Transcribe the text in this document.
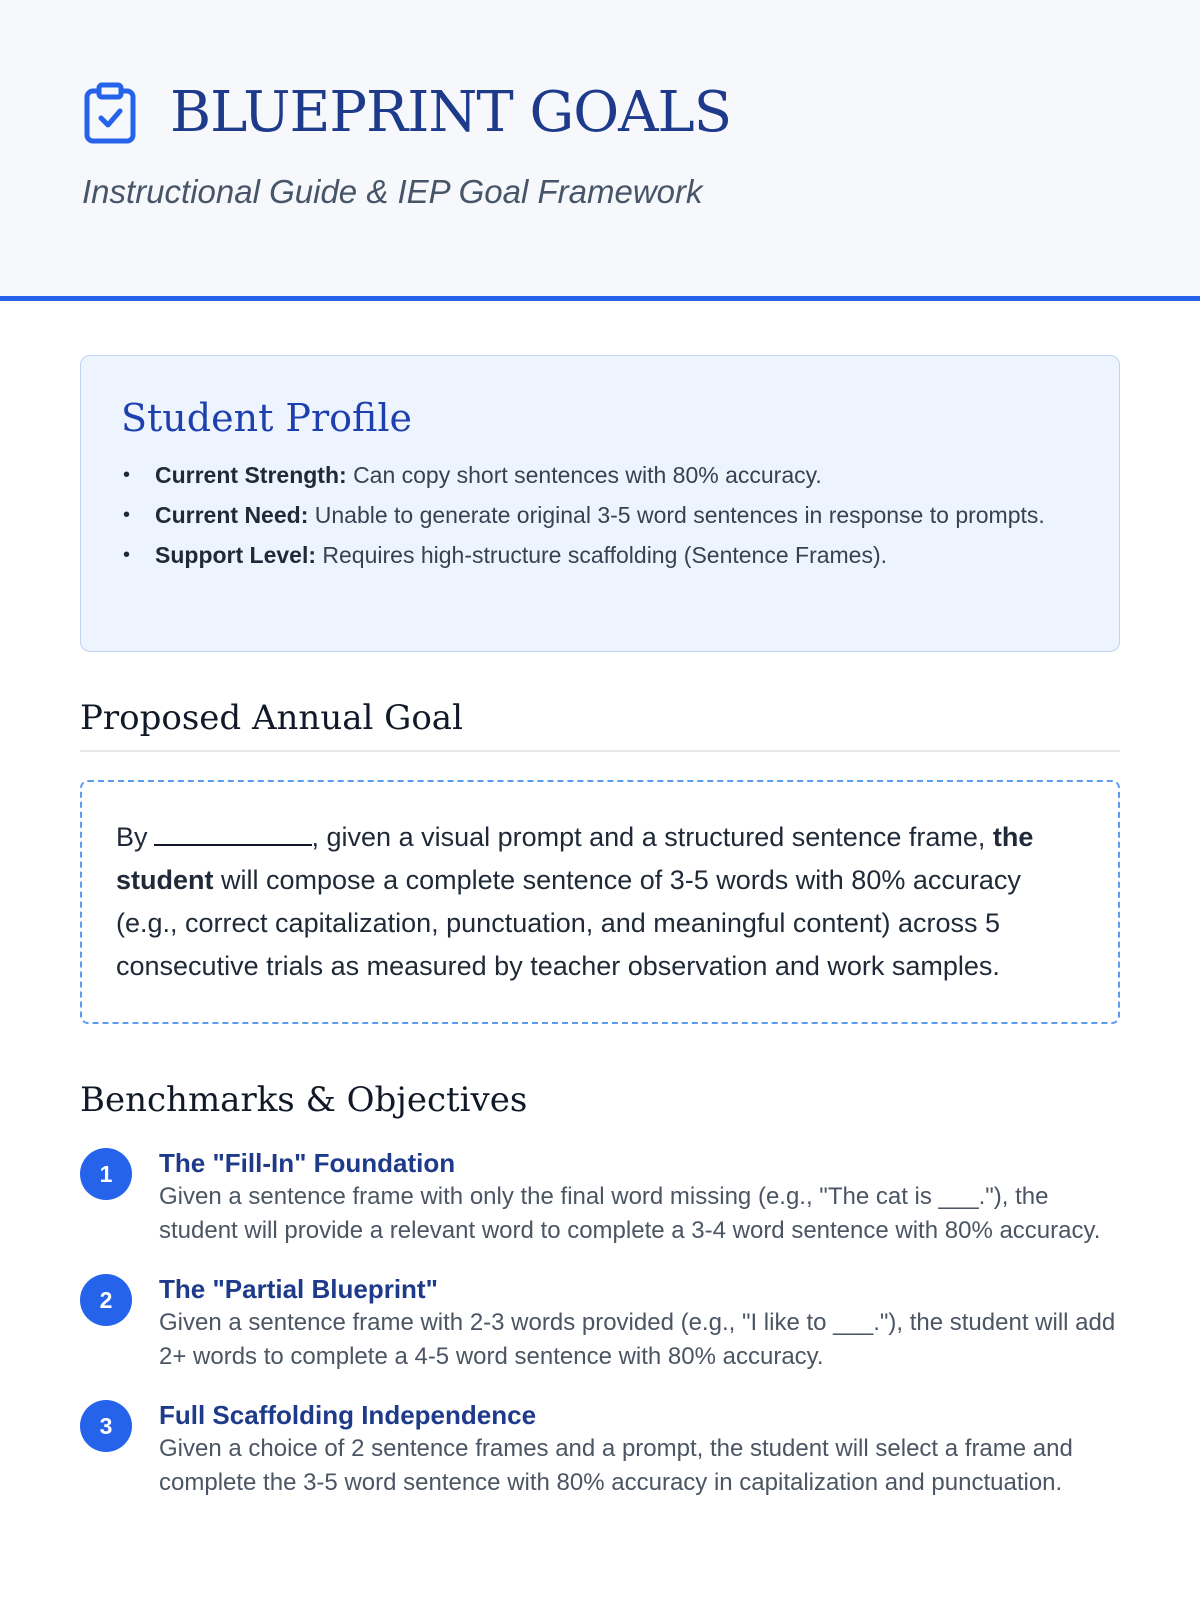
BLUEPRINT GOALS
Instructional Guide & IEP Goal Framework
Student Profile
• Current Strength: Can copy short sentences with 80% accuracy.
• Current Need: Unable to generate original 3-5 word sentences in response to prompts.
• Support Level: Requires high-structure scaffolding (Sentence Frames).
Proposed Annual Goal
By	, given a visual prompt and a structured sentence frame, the student will compose a complete sentence of 3-5 words with 80% accuracy (e.g., correct capitalization, punctuation, and meaningful content) across 5 consecutive trials as measured by teacher observation and work samples.
Benchmarks & Objectives
1	The "Fill-In" Foundation
Given a sentence frame with only the final word missing (e.g., "The cat is ___."), the student will provide a relevant word to complete a 3-4 word sentence with 80% accuracy.
2	The "Partial Blueprint"
Given a sentence frame with 2-3 words provided (e.g., "I like to ___."), the student will add 2+ words to complete a 4-5 word sentence with 80% accuracy.
3	Full Scaffolding Independence
Given a choice of 2 sentence frames and a prompt, the student will select a frame and complete the 3-5 word sentence with 80% accuracy in capitalization and punctuation.
